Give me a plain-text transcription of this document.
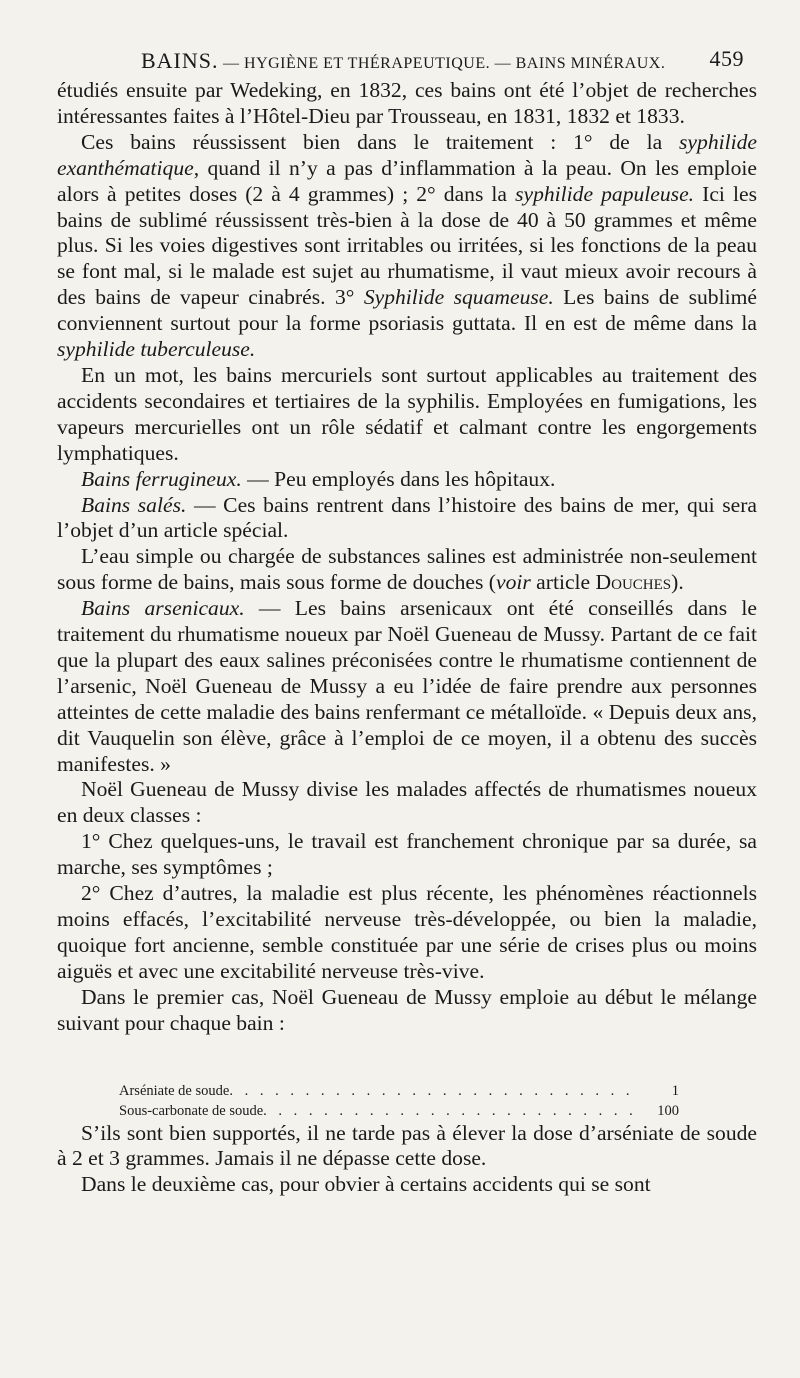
BAINS. — HYGIÈNE ET THÉRAPEUTIQUE. — BAINS MINÉRAUX. 459

étudiés ensuite par Wedeking, en 1832, ces bains ont été l’objet de recherches intéressantes faites à l’Hôtel-Dieu par Trousseau, en 1831, 1832 et 1833.

Ces bains réussissent bien dans le traitement : 1° de la syphilide exanthématique, quand il n’y a pas d’inflammation à la peau. On les emploie alors à petites doses (2 à 4 grammes) ; 2° dans la syphilide papuleuse. Ici les bains de sublimé réussissent très-bien à la dose de 40 à 50 grammes et même plus. Si les voies digestives sont irritables ou irritées, si les fonctions de la peau se font mal, si le malade est sujet au rhumatisme, il vaut mieux avoir recours à des bains de vapeur cinabrés. 3° Syphilide squameuse. Les bains de sublimé conviennent surtout pour la forme psoriasis guttata. Il en est de même dans la syphilide tuberculeuse.

En un mot, les bains mercuriels sont surtout applicables au traitement des accidents secondaires et tertiaires de la syphilis. Employées en fumigations, les vapeurs mercurielles ont un rôle sédatif et calmant contre les engorgements lymphatiques.

Bains ferrugineux. — Peu employés dans les hôpitaux.

Bains salés. — Ces bains rentrent dans l’histoire des bains de mer, qui sera l’objet d’un article spécial.

L’eau simple ou chargée de substances salines est administrée non-seulement sous forme de bains, mais sous forme de douches (voir article Douches).

Bains arsenicaux. — Les bains arsenicaux ont été conseillés dans le traitement du rhumatisme noueux par Noël Gueneau de Mussy. Partant de ce fait que la plupart des eaux salines préconisées contre le rhumatisme contiennent de l’arsenic, Noël Gueneau de Mussy a eu l’idée de faire prendre aux personnes atteintes de cette maladie des bains renfermant ce métalloïde. « Depuis deux ans, dit Vauquelin son élève, grâce à l’emploi de ce moyen, il a obtenu des succès manifestes. »

Noël Gueneau de Mussy divise les malades affectés de rhumatismes noueux en deux classes :

1° Chez quelques-uns, le travail est franchement chronique par sa durée, sa marche, ses symptômes ;

2° Chez d’autres, la maladie est plus récente, les phénomènes réactionnels moins effacés, l’excitabilité nerveuse très-développée, ou bien la maladie, quoique fort ancienne, semble constituée par une série de crises plus ou moins aiguës et avec une excitabilité nerveuse très-vive.

Dans le premier cas, Noël Gueneau de Mussy emploie au début le mélange suivant pour chaque bain :

Arséniate de soude . . .	1
Sous-carbonate de soude . . .	100

S’ils sont bien supportés, il ne tarde pas à élever la dose d’arséniate de soude à 2 et 3 grammes. Jamais il ne dépasse cette dose.

Dans le deuxième cas, pour obvier à certains accidents qui se sont
